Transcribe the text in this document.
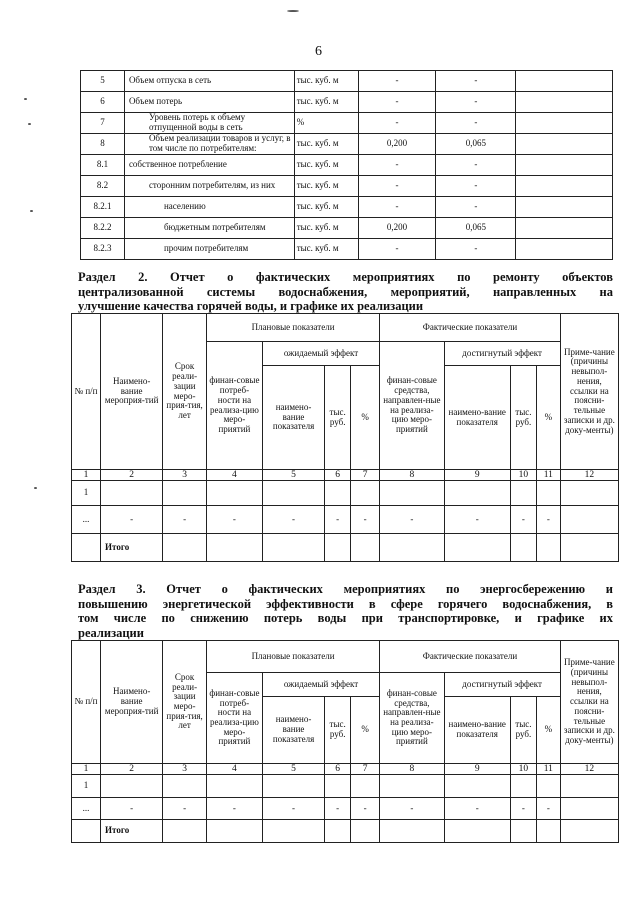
6
5	Объем отпуска в сеть	тыс. куб. м	-	-	
6	Объем потерь	тыс. куб. м	-	-	
7	Уровень потерь к объему отпущенной воды в сеть	%	-	-	
8	Объем реализации товаров и услуг, в том числе по потребителям:	тыс. куб. м	0,200	0,065	
8.1	собственное потребление	тыс. куб. м	-	-	
8.2	сторонним потребителям, из них	тыс. куб. м	-	-	
8.2.1	населению	тыс. куб. м	-	-	
8.2.2	бюджетным потребителям	тыс. куб. м	0,200	0,065	
8.2.3	прочим потребителям	тыс. куб. м	-	-	
Раздел 2. Отчет о фактических мероприятиях по ремонту объектов
централизованной системы водоснабжения, мероприятий, направленных на
улучшение качества горячей воды, и графике их реализации
№ п/п	Наимено-вание мероприя-тий	Срок реали-зации меро-прия-тия, лет	Плановые показатели				Фактические показатели				Приме-чание (причины невыпол-нения, ссылки на поясни-тельные записки и др. доку-менты)
			финан-совые потреб-ности на реализа-цию меро-приятий	ожидаемый эффект			финан-совые средства, направлен-ные на реализа-цию меро-приятий	достигнутый эффект			
				наимено-вание показателя	тыс. руб.	%		наимено-вание показателя	тыс. руб.	%	
1	2	3	4	5	6	7	8	9	10	11	12
1											
...	-	-	-	-	-	-	-	-	-	-	
	Итого										
Раздел 3. Отчет о фактических мероприятиях по энергосбережению и
повышению энергетической эффективности в сфере горячего водоснабжения, в
том числе по снижению потерь воды при транспортировке, и графике их
реализации
№ п/п	Наимено-вание мероприя-тий	Срок реали-зации меро-прия-тия, лет	Плановые показатели				Фактические показатели				Приме-чание (причины невыпол-нения, ссылки на поясни-тельные записки и др. доку-менты)
			финан-совые потреб-ности на реализа-цию меро-приятий	ожидаемый эффект			финан-совые средства, направлен-ные на реализа-цию меро-приятий	достигнутый эффект			
				наимено-вание показателя	тыс. руб.	%		наимено-вание показателя	тыс. руб.	%	
1	2	3	4	5	6	7	8	9	10	11	12
1											
...	-	-	-	-	-	-	-	-	-	-	
	Итого										
